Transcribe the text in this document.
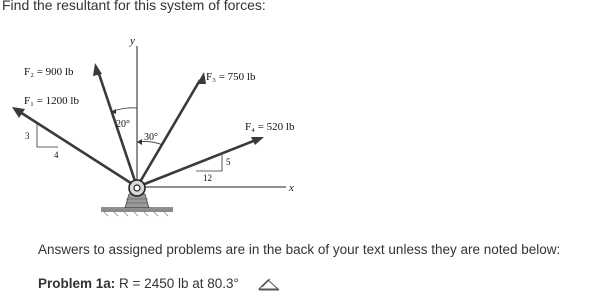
Find the resultant for this system of forces:
y
x
3
4
5
12
20°
30°
F₂ = 900 lb
F₁ = 1200 lb
F₃ = 750 lb
F₄ = 520 lb
Answers to assigned problems are in the back of your text unless they are noted below:
Problem 1a: R = 2450 lb at 80.3°
